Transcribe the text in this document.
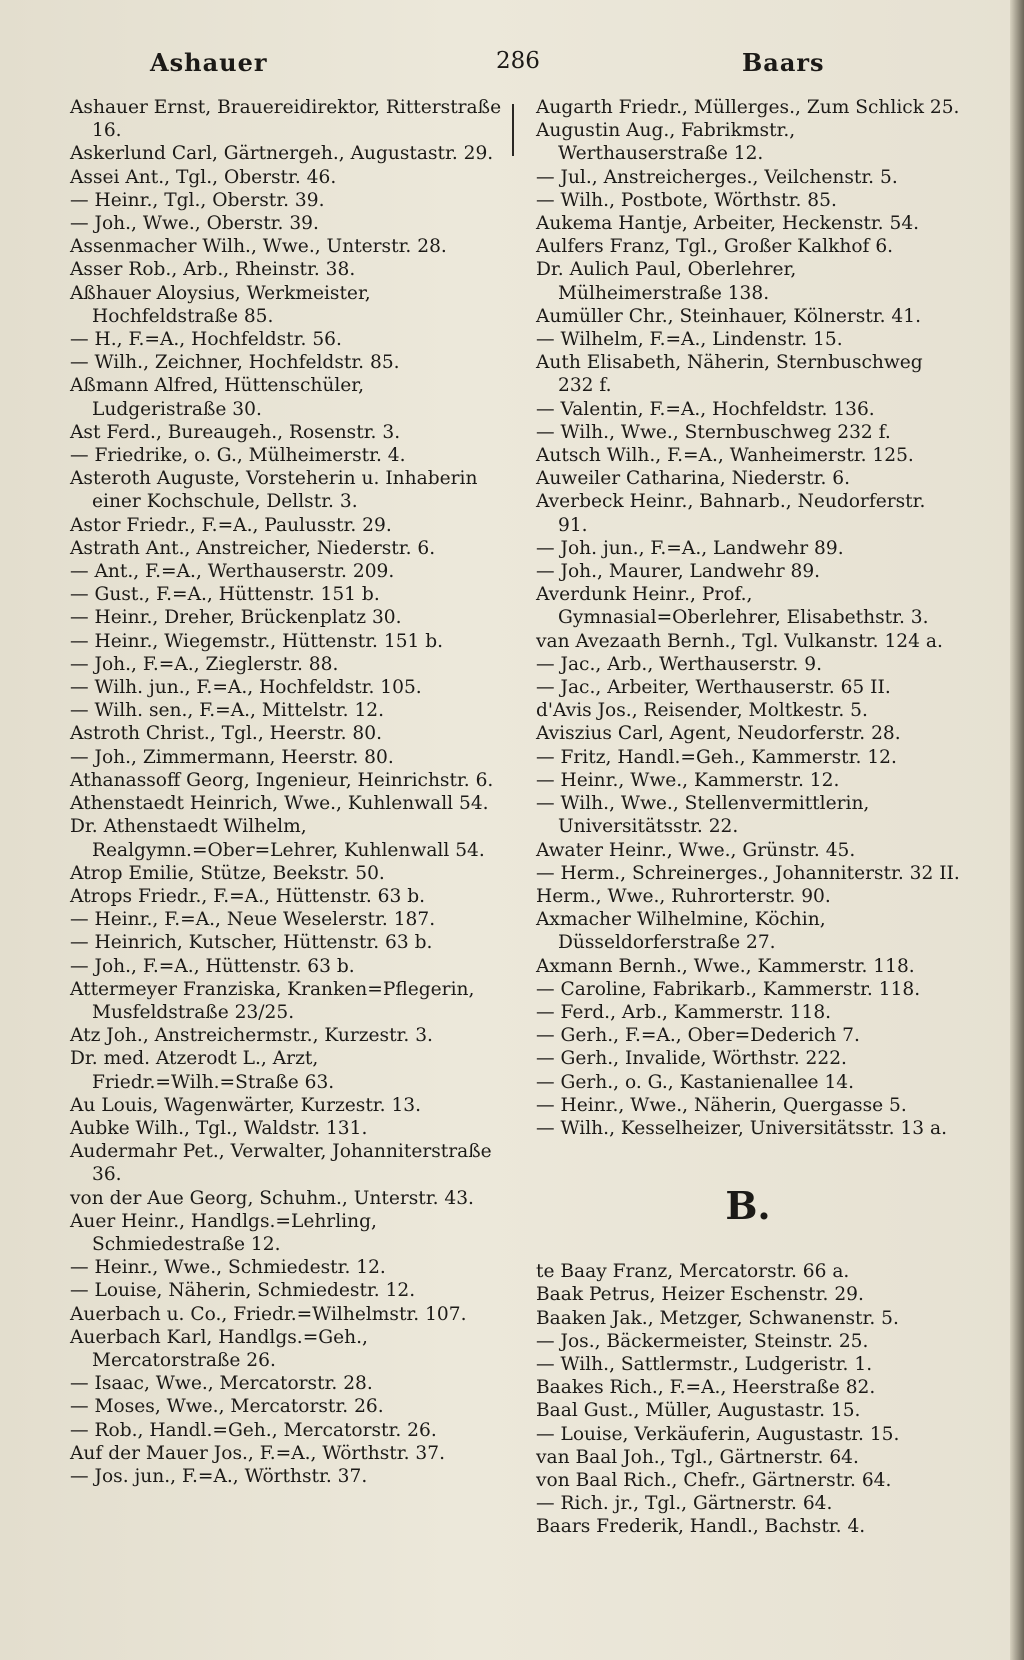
Ashauer	286	Baars

Ashauer Ernst, Brauereidirektor, Ritterstraße 16.

Askerlund Carl, Gärtnergeh., Augustastr. 29.

Assei Ant., Tgl., Oberstr. 46.

— Heinr., Tgl., Oberstr. 39.

— Joh., Wwe., Oberstr. 39.

Assenmacher Wilh., Wwe., Unterstr. 28.

Asser Rob., Arb., Rheinstr. 38.

Aßhauer Aloysius, Werkmeister, Hochfeldstraße 85.

— H., F.=A., Hochfeldstr. 56.

— Wilh., Zeichner, Hochfeldstr. 85.

Aßmann Alfred, Hüttenschüler, Ludgeristraße 30.

Ast Ferd., Bureaugeh., Rosenstr. 3.

— Friedrike, o. G., Mülheimerstr. 4.

Asteroth Auguste, Vorsteherin u. Inhaberin einer Kochschule, Dellstr. 3.

Astor Friedr., F.=A., Paulusstr. 29.

Astrath Ant., Anstreicher, Niederstr. 6.

— Ant., F.=A., Werthauserstr. 209.

— Gust., F.=A., Hüttenstr. 151 b.

— Heinr., Dreher, Brückenplatz 30.

— Heinr., Wiegemstr., Hüttenstr. 151 b.

— Joh., F.=A., Zieglerstr. 88.

— Wilh. jun., F.=A., Hochfeldstr. 105.

— Wilh. sen., F.=A., Mittelstr. 12.

Astroth Christ., Tgl., Heerstr. 80.

— Joh., Zimmermann, Heerstr. 80.

Athanassoff Georg, Ingenieur, Heinrichstr. 6.

Athenstaedt Heinrich, Wwe., Kuhlenwall 54.

Dr. Athenstaedt Wilhelm, Realgymn.=Ober=Lehrer, Kuhlenwall 54.

Atrop Emilie, Stütze, Beekstr. 50.

Atrops Friedr., F.=A., Hüttenstr. 63 b.

— Heinr., F.=A., Neue Weselerstr. 187.

— Heinrich, Kutscher, Hüttenstr. 63 b.

— Joh., F.=A., Hüttenstr. 63 b.

Attermeyer Franziska, Kranken=Pflegerin, Musfeldstraße 23/25.

Atz Joh., Anstreichermstr., Kurzestr. 3.

Dr. med. Atzerodt L., Arzt, Friedr.=Wilh.=Straße 63.

Au Louis, Wagenwärter, Kurzestr. 13.

Aubke Wilh., Tgl., Waldstr. 131.

Audermahr Pet., Verwalter, Johanniterstraße 36.

von der Aue Georg, Schuhm., Unterstr. 43.

Auer Heinr., Handlgs.=Lehrling, Schmiedestraße 12.

— Heinr., Wwe., Schmiedestr. 12.

— Louise, Näherin, Schmiedestr. 12.

Auerbach u. Co., Friedr.=Wilhelmstr. 107.

Auerbach Karl, Handlgs.=Geh., Mercatorstraße 26.

— Isaac, Wwe., Mercatorstr. 28.

— Moses, Wwe., Mercatorstr. 26.

— Rob., Handl.=Geh., Mercatorstr. 26.

Auf der Mauer Jos., F.=A., Wörthstr. 37.

— Jos. jun., F.=A., Wörthstr. 37.

Augarth Friedr., Müllerges., Zum Schlick 25.

Augustin Aug., Fabrikmstr., Werthauserstraße 12.

— Jul., Anstreicherges., Veilchenstr. 5.

— Wilh., Postbote, Wörthstr. 85.

Aukema Hantje, Arbeiter, Heckenstr. 54.

Aulfers Franz, Tgl., Großer Kalkhof 6.

Dr. Aulich Paul, Oberlehrer, Mülheimerstraße 138.

Aumüller Chr., Steinhauer, Kölnerstr. 41.

— Wilhelm, F.=A., Lindenstr. 15.

Auth Elisabeth, Näherin, Sternbuschweg 232 f.

— Valentin, F.=A., Hochfeldstr. 136.

— Wilh., Wwe., Sternbuschweg 232 f.

Autsch Wilh., F.=A., Wanheimerstr. 125.

Auweiler Catharina, Niederstr. 6.

Averbeck Heinr., Bahnarb., Neudorferstr. 91.

— Joh. jun., F.=A., Landwehr 89.

— Joh., Maurer, Landwehr 89.

Averdunk Heinr., Prof., Gymnasial=Oberlehrer, Elisabethstr. 3.

van Avezaath Bernh., Tgl. Vulkanstr. 124 a.

— Jac., Arb., Werthauserstr. 9.

— Jac., Arbeiter, Werthauserstr. 65 II.

d'Avis Jos., Reisender, Moltkestr. 5.

Aviszius Carl, Agent, Neudorferstr. 28.

— Fritz, Handl.=Geh., Kammerstr. 12.

— Heinr., Wwe., Kammerstr. 12.

— Wilh., Wwe., Stellenvermittlerin, Universitätsstr. 22.

Awater Heinr., Wwe., Grünstr. 45.

— Herm., Schreinerges., Johanniterstr. 32 II.

Herm., Wwe., Ruhrorterstr. 90.

Axmacher Wilhelmine, Köchin, Düsseldorferstraße 27.

Axmann Bernh., Wwe., Kammerstr. 118.

— Caroline, Fabrikarb., Kammerstr. 118.

— Ferd., Arb., Kammerstr. 118.

— Gerh., F.=A., Ober=Dederich 7.

— Gerh., Invalide, Wörthstr. 222.

— Gerh., o. G., Kastanienallee 14.

— Heinr., Wwe., Näherin, Quergasse 5.

— Wilh., Kesselheizer, Universitätsstr. 13 a.

B.

te Baay Franz, Mercatorstr. 66 a.

Baak Petrus, Heizer Eschenstr. 29.

Baaken Jak., Metzger, Schwanenstr. 5.

— Jos., Bäckermeister, Steinstr. 25.

— Wilh., Sattlermstr., Ludgeristr. 1.

Baakes Rich., F.=A., Heerstraße 82.

Baal Gust., Müller, Augustastr. 15.

— Louise, Verkäuferin, Augustastr. 15.

van Baal Joh., Tgl., Gärtnerstr. 64.

von Baal Rich., Chefr., Gärtnerstr. 64.

— Rich. jr., Tgl., Gärtnerstr. 64.

Baars Frederik, Handl., Bachstr. 4.
